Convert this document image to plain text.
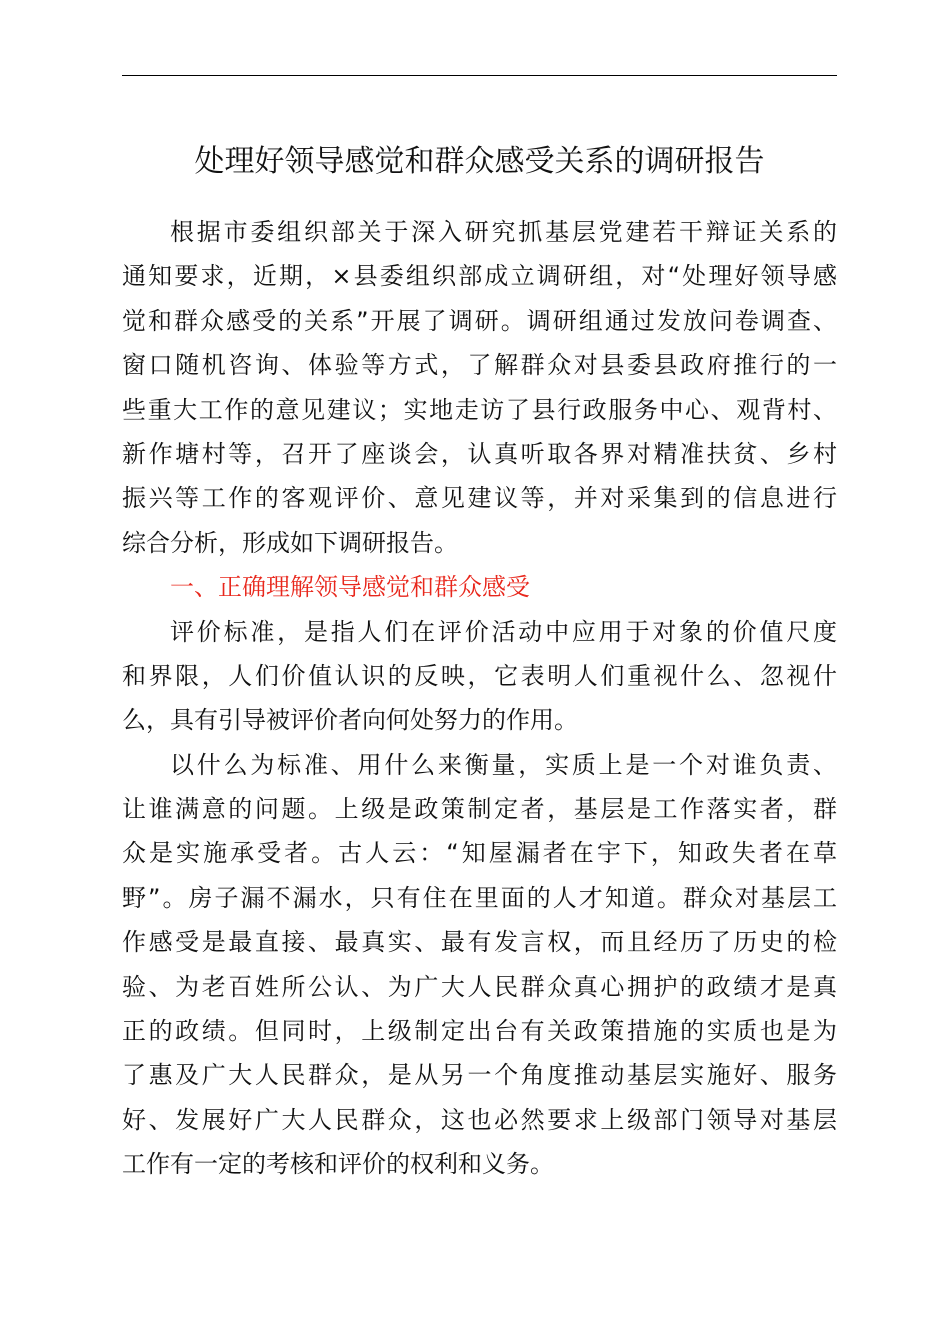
处理好领导感觉和群众感受关系的调研报告

根据市委组织部关于深入研究抓基层党建若干辩证关系的
通知要求，近期，×县委组织部成立调研组，对“处理好领导感
觉和群众感受的关系”开展了调研。调研组通过发放问卷调查、
窗口随机咨询、体验等方式，了解群众对县委县政府推行的一
些重大工作的意见建议；实地走访了县行政服务中心、观背村、
新作塘村等，召开了座谈会，认真听取各界对精准扶贫、乡村
振兴等工作的客观评价、意见建议等，并对采集到的信息进行
综合分析，形成如下调研报告。

一、正确理解领导感觉和群众感受

评价标准，是指人们在评价活动中应用于对象的价值尺度
和界限，人们价值认识的反映，它表明人们重视什么、忽视什
么，具有引导被评价者向何处努力的作用。

以什么为标准、用什么来衡量，实质上是一个对谁负责、
让谁满意的问题。上级是政策制定者，基层是工作落实者，群
众是实施承受者。古人云：“知屋漏者在宇下，知政失者在草
野”。房子漏不漏水，只有住在里面的人才知道。群众对基层工
作感受是最直接、最真实、最有发言权，而且经历了历史的检
验、为老百姓所公认、为广大人民群众真心拥护的政绩才是真
正的政绩。但同时，上级制定出台有关政策措施的实质也是为
了惠及广大人民群众，是从另一个角度推动基层实施好、服务
好、发展好广大人民群众，这也必然要求上级部门领导对基层
工作有一定的考核和评价的权利和义务。
